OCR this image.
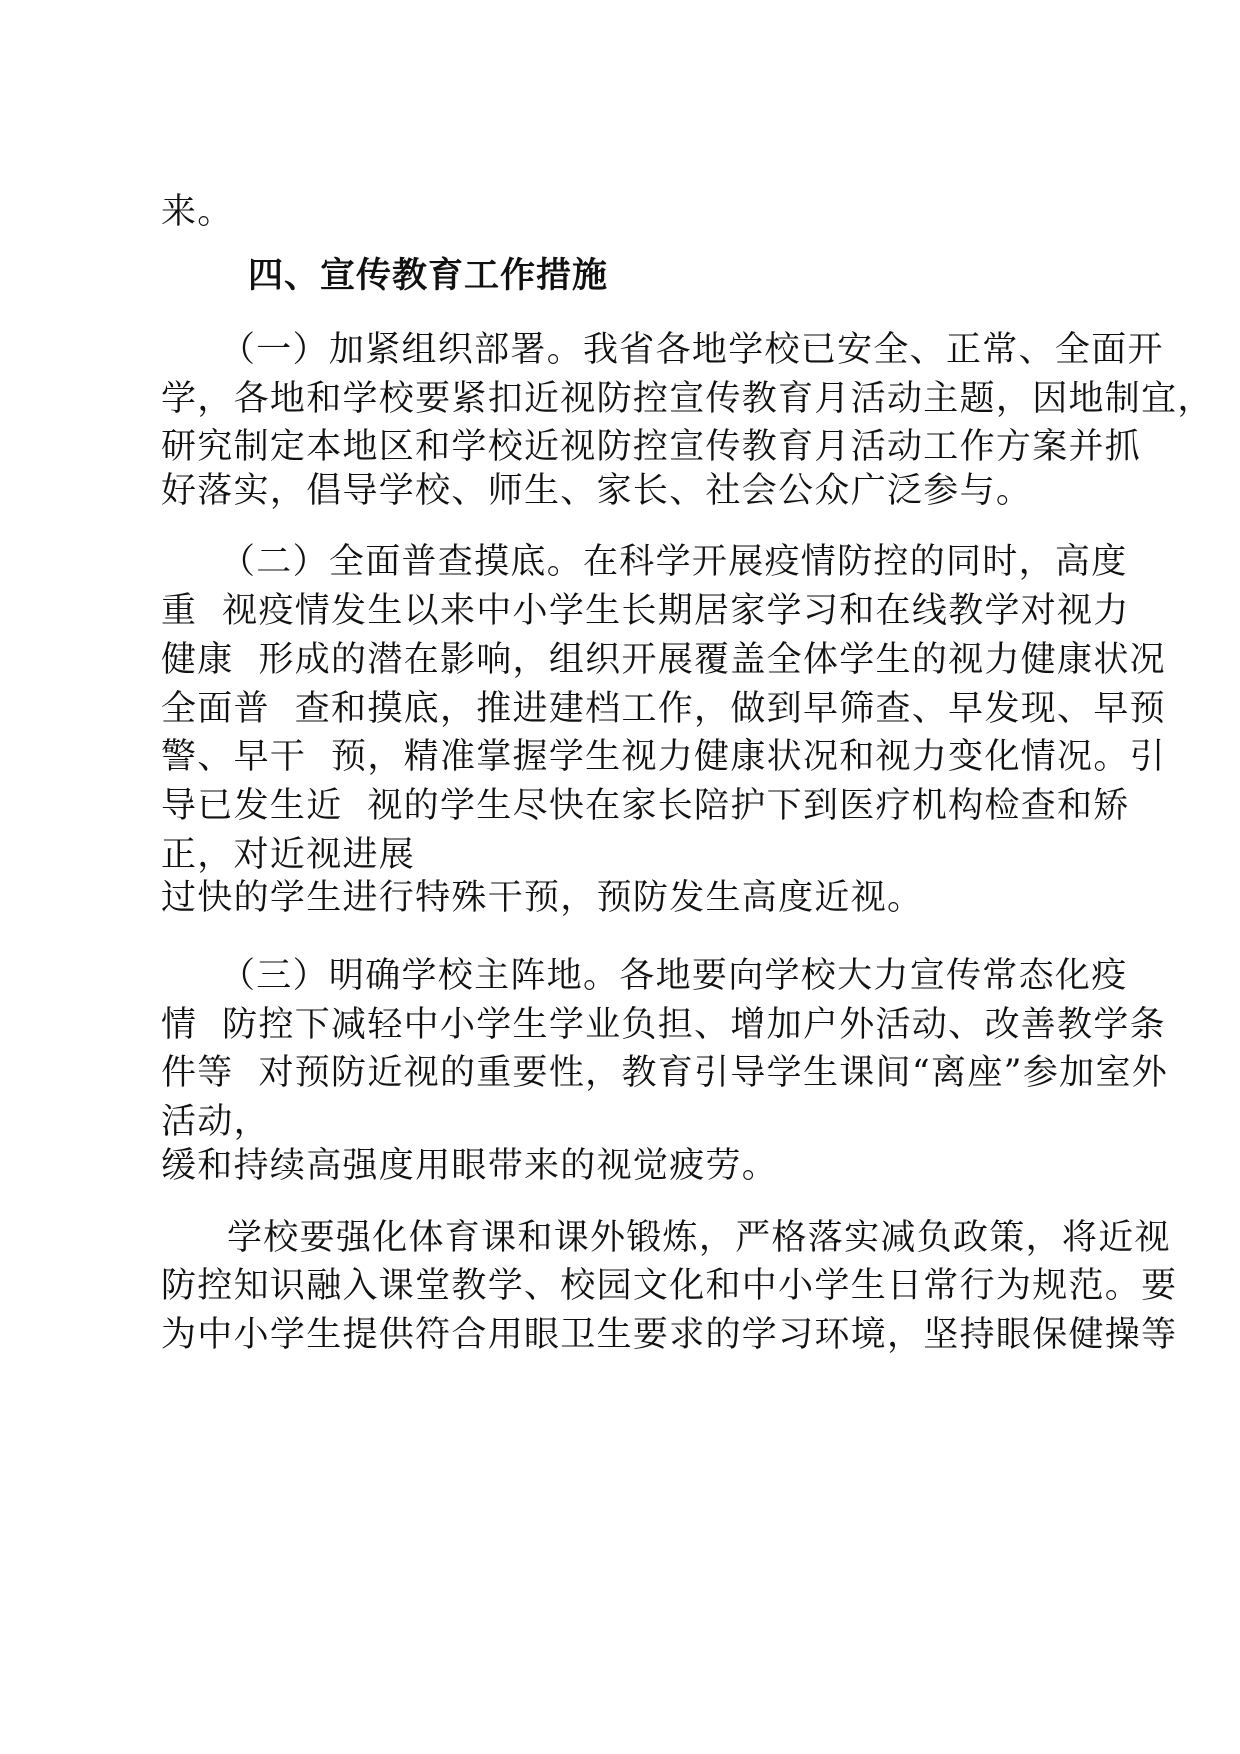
来。
四、宣传教育工作措施
（一）加紧组织部署。我省各地学校已安全、正常、全面开
学，各地和学校要紧扣近视防控宣传教育月活动主题，因地制宜，
研究制定本地区和学校近视防控宣传教育月活动工作方案并抓
好落实，倡导学校、师生、家长、社会公众广泛参与。
（二）全面普查摸底。在科学开展疫情防控的同时，高度
重  视疫情发生以来中小学生长期居家学习和在线教学对视力
健康  形成的潜在影响，组织开展覆盖全体学生的视力健康状况
全面普  查和摸底，推进建档工作，做到早筛查、早发现、早预
警、早干  预，精准掌握学生视力健康状况和视力变化情况。引
导已发生近  视的学生尽快在家长陪护下到医疗机构检查和矫
正，对近视进展
过快的学生进行特殊干预，预防发生高度近视。
（三）明确学校主阵地。各地要向学校大力宣传常态化疫
情  防控下减轻中小学生学业负担、增加户外活动、改善教学条
件等  对预防近视的重要性，教育引导学生课间“离座”参加室外
活动，
缓和持续高强度用眼带来的视觉疲劳。
学校要强化体育课和课外锻炼，严格落实减负政策，将近视
防控知识融入课堂教学、校园文化和中小学生日常行为规范。要
为中小学生提供符合用眼卫生要求的学习环境，坚持眼保健操等
